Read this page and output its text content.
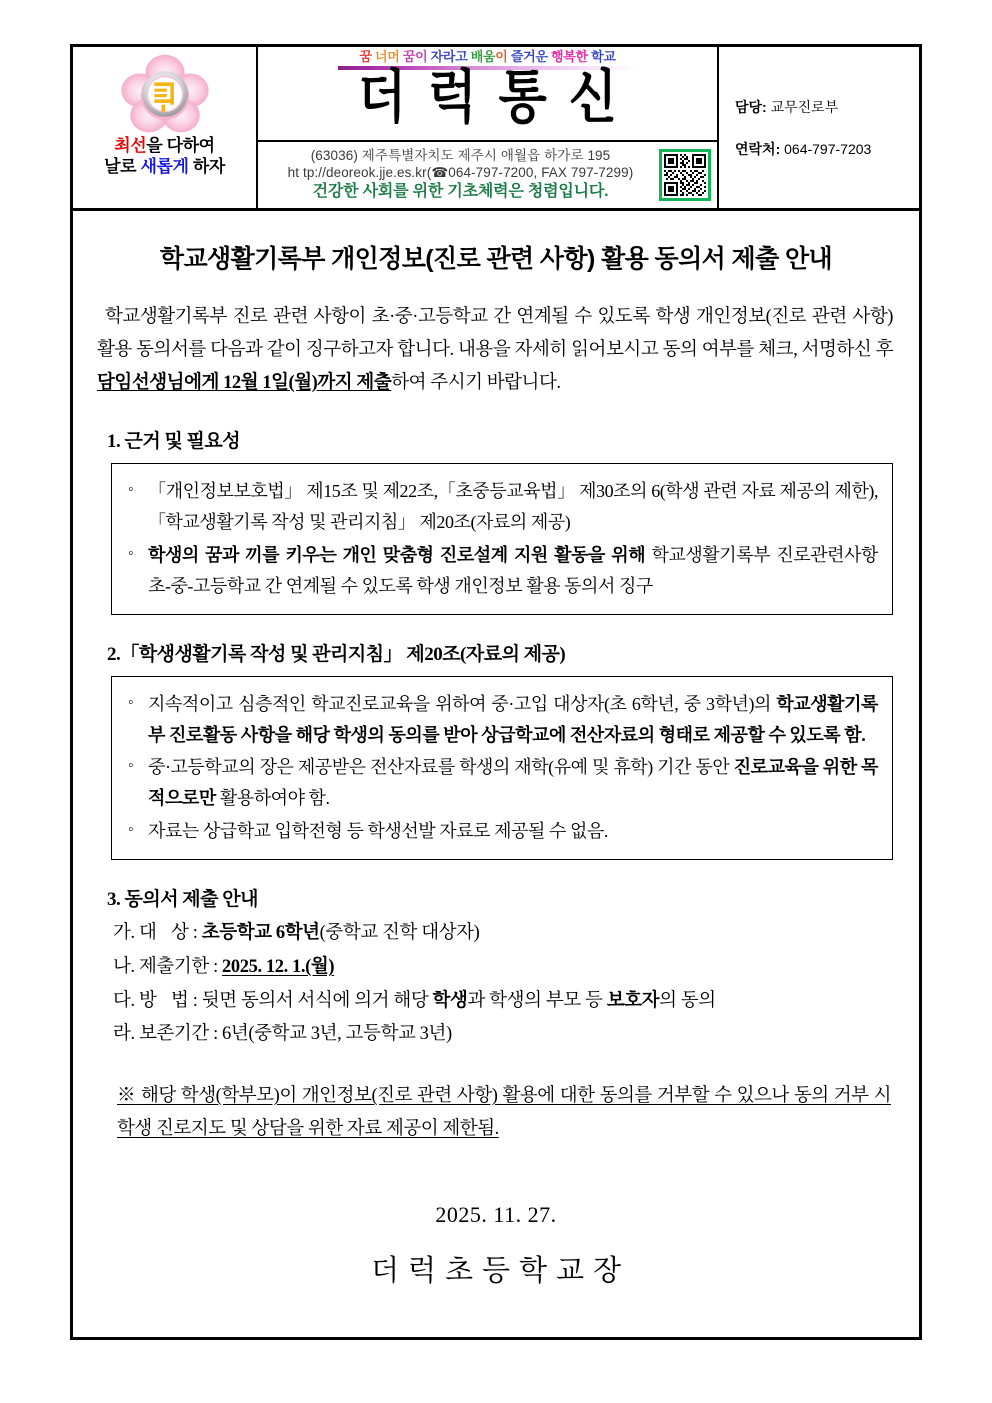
최선을 다하여
날로 새롭게 하자
꿈 너머 꿈이 자라고 배움이 즐거운 행복한 학교
더럭통신
(63036) 제주특별자치도 제주시 애월읍 하가로 195
ht tp://deoreok.jje.es.kr(☎064-797-7200, FAX 797-7299)
건강한 사회를 위한 기초체력은 청렴입니다.
담당: 교무진로부
연락처: 064-797-7203
학교생활기록부 개인정보(진로 관련 사항) 활용 동의서 제출 안내

학교생활기록부 진로 관련 사항이 초·중·고등학교 간 연계될 수 있도록 학생 개인정보(진로 관련 사항) 활용 동의서를 다음과 같이 징구하고자 합니다. 내용을 자세히 읽어보시고 동의 여부를 체크, 서명하신 후 담임선생님에게 12월 1일(월)까지 제출하여 주시기 바랍니다.

1. 근거 및 필요성
◦ 「개인정보보호법」 제15조 및 제22조,「초중등교육법」 제30조의 6(학생 관련 자료 제공의 제한),「학교생활기록 작성 및 관리지침」 제20조(자료의 제공)
◦ 학생의 꿈과 끼를 키우는 개인 맞춤형 진로설계 지원 활동을 위해 학교생활기록부 진로관련사항 초-중-고등학교 간 연계될 수 있도록 학생 개인정보 활용 동의서 징구
2.「학생생활기록 작성 및 관리지침」 제20조(자료의 제공)
◦ 지속적이고 심층적인 학교진로교육을 위하여 중·고입 대상자(초 6학년, 중 3학년)의 학교생활기록부 진로활동 사항을 해당 학생의 동의를 받아 상급학교에 전산자료의 형태로 제공할 수 있도록 함.
◦ 중·고등학교의 장은 제공받은 전산자료를 학생의 재학(유예 및 휴학) 기간 동안 진로교육을 위한 목적으로만 활용하여야 함.
◦ 자료는 상급학교 입학전형 등 학생선발 자료로 제공될 수 없음.
3. 동의서 제출 안내
가. 대 상 : 초등학교 6학년(중학교 진학 대상자)
나. 제출기한 : 2025. 12. 1.(월)
다. 방 법 : 뒷면 동의서 서식에 의거 해당 학생과 학생의 부모 등 보호자의 동의
라. 보존기간 : 6년(중학교 3년, 고등학교 3년)

※ 해당 학생(학부모)이 개인정보(진로 관련 사항) 활용에 대한 동의를 거부할 수 있으나 동의 거부 시 학생 진로지도 및 상담을 위한 자료 제공이 제한됨.

2025. 11. 27.
더럭초등학교장
